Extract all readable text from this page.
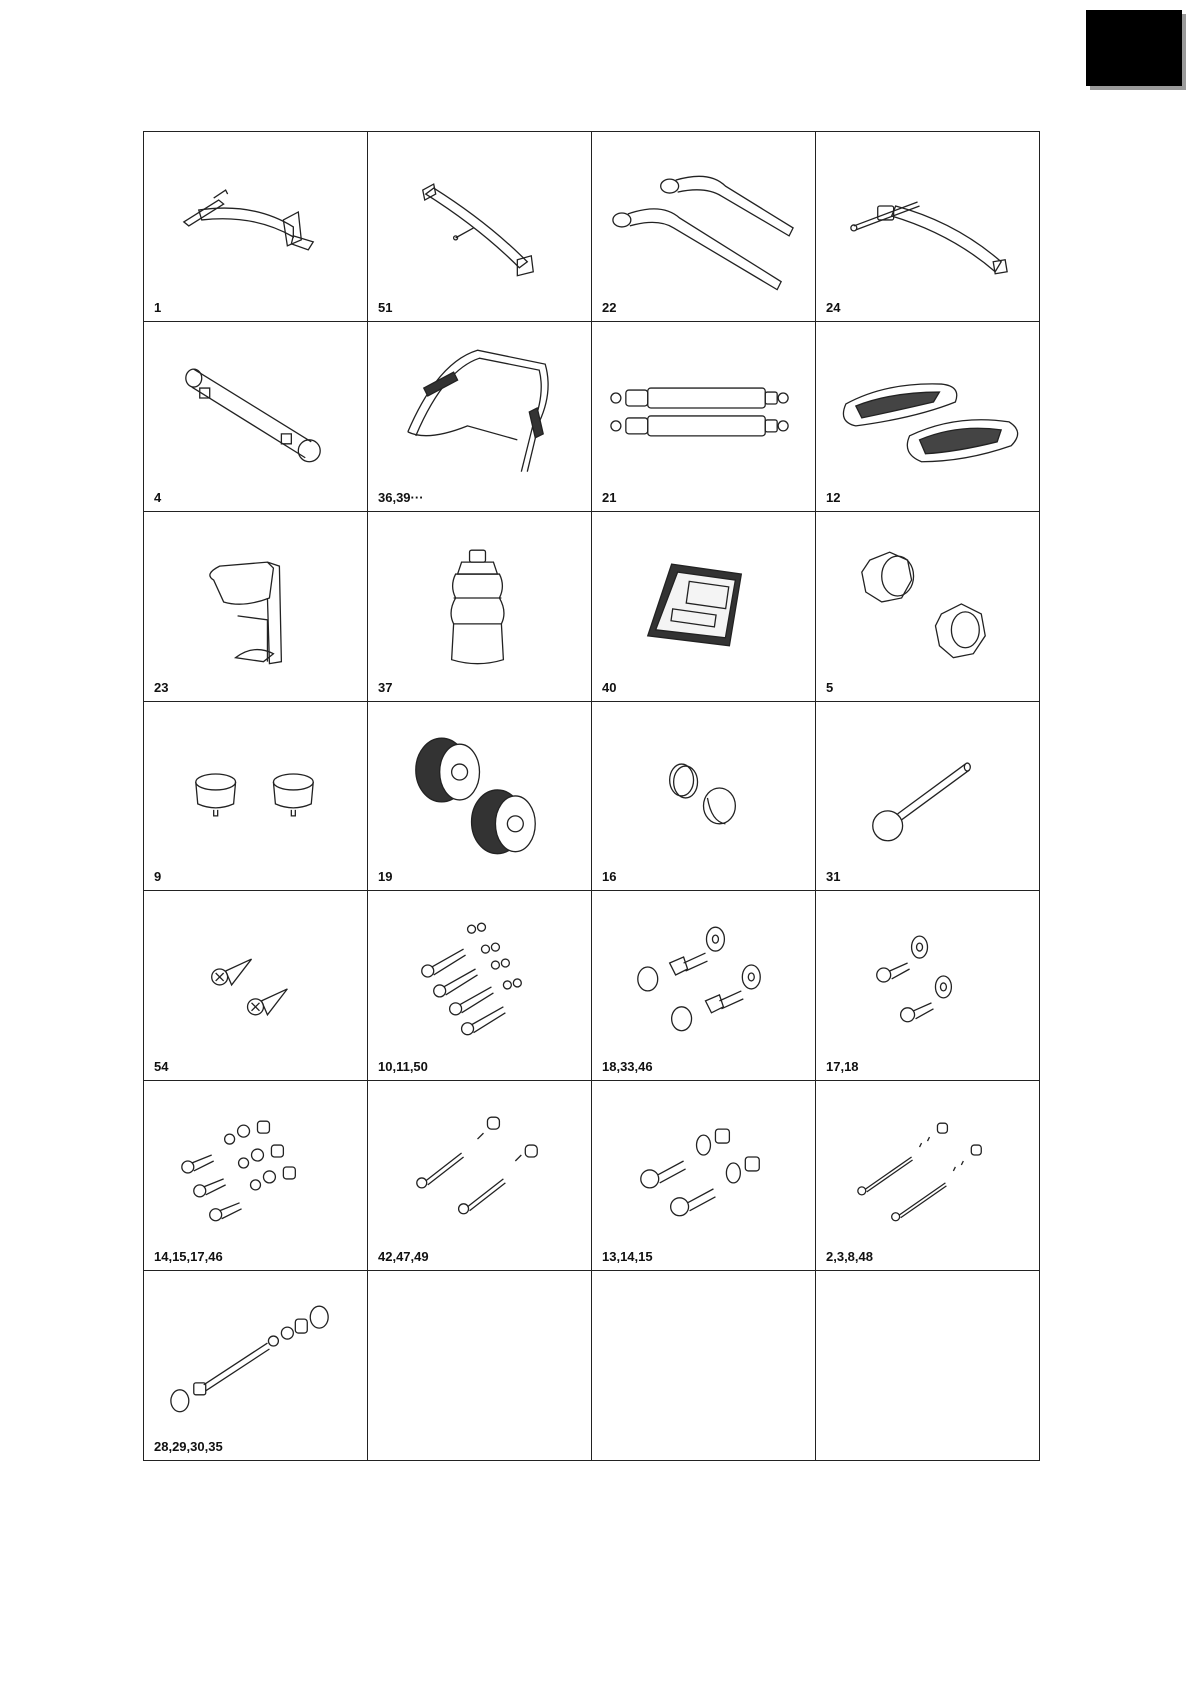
1	51	22	24
4	36,39···	21	12
23	37	40	5
9	19	16	31
54	10,11,50	18,33,46	17,18
14,15,17,46	42,47,49	13,14,15	2,3,8,48
28,29,30,35
